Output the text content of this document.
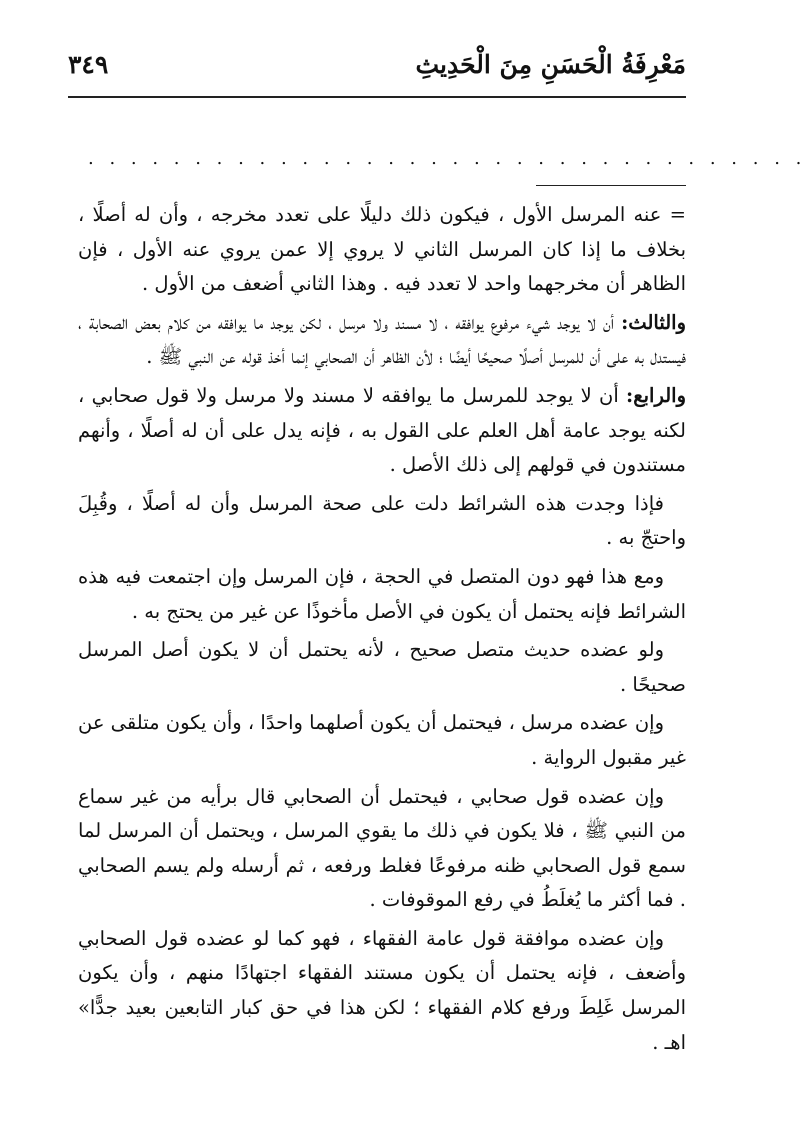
مَعْرِفَةُ الْحَسَنِ مِنَ الْحَدِيثِ
٣٤٩
. . . . . . . . . . . . . . . . . . . . . . . . . . . . . . . . . .

= عنه المرسل الأول ، فيكون ذلك دليلًا على تعدد مخرجه ، وأن له أصلًا ، بخلاف ما إذا كان المرسل الثاني لا يروي إلا عمن يروي عنه الأول ، فإن الظاهر أن مخرجهما واحد لا تعدد فيه . وهذا الثاني أضعف من الأول .

والثالث: أن لا يوجد شيء مرفوع يوافقه ، لا مسند ولا مرسل ، لكن يوجد ما يوافقه من كلام بعض الصحابة ، فيستدل به على أن للمرسل أصلًا صحيحًا أيضًا ؛ لأن الظاهر أن الصحابي إنما أخذ قوله عن النبي ﷺ .

والرابع: أن لا يوجد للمرسل ما يوافقه لا مسند ولا مرسل ولا قول صحابي ، لكنه يوجد عامة أهل العلم على القول به ، فإنه يدل على أن له أصلًا ، وأنهم مستندون في قولهم إلى ذلك الأصل .

فإذا وجدت هذه الشرائط دلت على صحة المرسل وأن له أصلًا ، وقُبِلَ واحتجّ به .

ومع هذا فهو دون المتصل في الحجة ، فإن المرسل وإن اجتمعت فيه هذه الشرائط فإنه يحتمل أن يكون في الأصل مأخوذًا عن غير من يحتج به .

ولو عضده حديث متصل صحيح ، لأنه يحتمل أن لا يكون أصل المرسل صحيحًا .

وإن عضده مرسل ، فيحتمل أن يكون أصلهما واحدًا ، وأن يكون متلقى عن غير مقبول الرواية .

وإن عضده قول صحابي ، فيحتمل أن الصحابي قال برأيه من غير سماع من النبي ﷺ ، فلا يكون في ذلك ما يقوي المرسل ، ويحتمل أن المرسل لما سمع قول الصحابي ظنه مرفوعًا فغلط ورفعه ، ثم أرسله ولم يسم الصحابي . فما أكثر ما يُغلَطُ في رفع الموقوفات .

وإن عضده موافقة قول عامة الفقهاء ، فهو كما لو عضده قول الصحابي وأضعف ، فإنه يحتمل أن يكون مستند الفقهاء اجتهادًا منهم ، وأن يكون المرسل غَلِطَ ورفع كلام الفقهاء ؛ لكن هذا في حق كبار التابعين بعيد جدًّا» اهـ .
